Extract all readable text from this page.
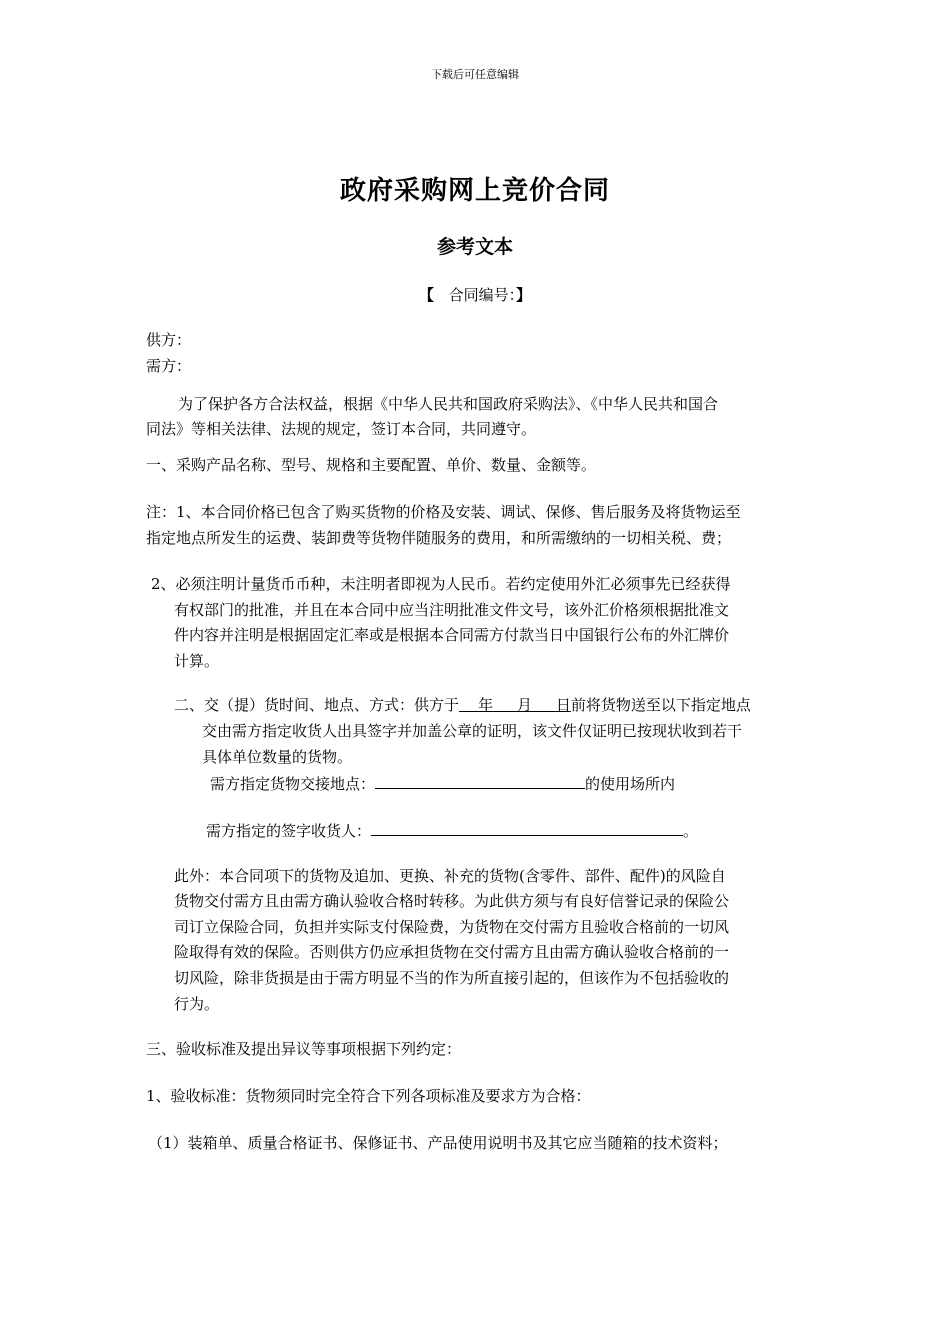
下载后可任意编辑
政府采购网上竞价合同
参考文本
【 合同编号：】
供方：
需方：
为了保护各方合法权益，根据《中华人民共和国政府采购法》、《中华人民共和国合
同法》等相关法律、法规的规定，签订本合同，共同遵守。
一、采购产品名称、型号、规格和主要配置、单价、数量、金额等。
注：1、本合同价格已包含了购买货物的价格及安装、调试、保修、售后服务及将货物运至
指定地点所发生的运费、装卸费等货物伴随服务的费用，和所需缴纳的一切相关税、费；
2、必须注明计量货币币种，未注明者即视为人民币。若约定使用外汇必须事先已经获得
有权部门的批准，并且在本合同中应当注明批准文件文号，该外汇价格须根据批准文
件内容并注明是根据固定汇率或是根据本合同需方付款当日中国银行公布的外汇牌价
计算。
二、交（提）货时间、地点、方式：供方于 年 月 日前将货物送至以下指定地点
交由需方指定收货人出具签字并加盖公章的证明，该文件仅证明已按现状收到若干
具体单位数量的货物。
需方指定货物交接地点：	的使用场所内
需方指定的签字收货人：	。
此外：本合同项下的货物及追加、更换、补充的货物(含零件、部件、配件)的风险自
货物交付需方且由需方确认验收合格时转移。为此供方须与有良好信誉记录的保险公
司订立保险合同，负担并实际支付保险费，为货物在交付需方且验收合格前的一切风
险取得有效的保险。否则供方仍应承担货物在交付需方且由需方确认验收合格前的一
切风险，除非货损是由于需方明显不当的作为所直接引起的，但该作为不包括验收的
行为。
三、验收标准及提出异议等事项根据下列约定：
1、验收标准：货物须同时完全符合下列各项标准及要求方为合格：
（1）装箱单、质量合格证书、保修证书、产品使用说明书及其它应当随箱的技术资料；
